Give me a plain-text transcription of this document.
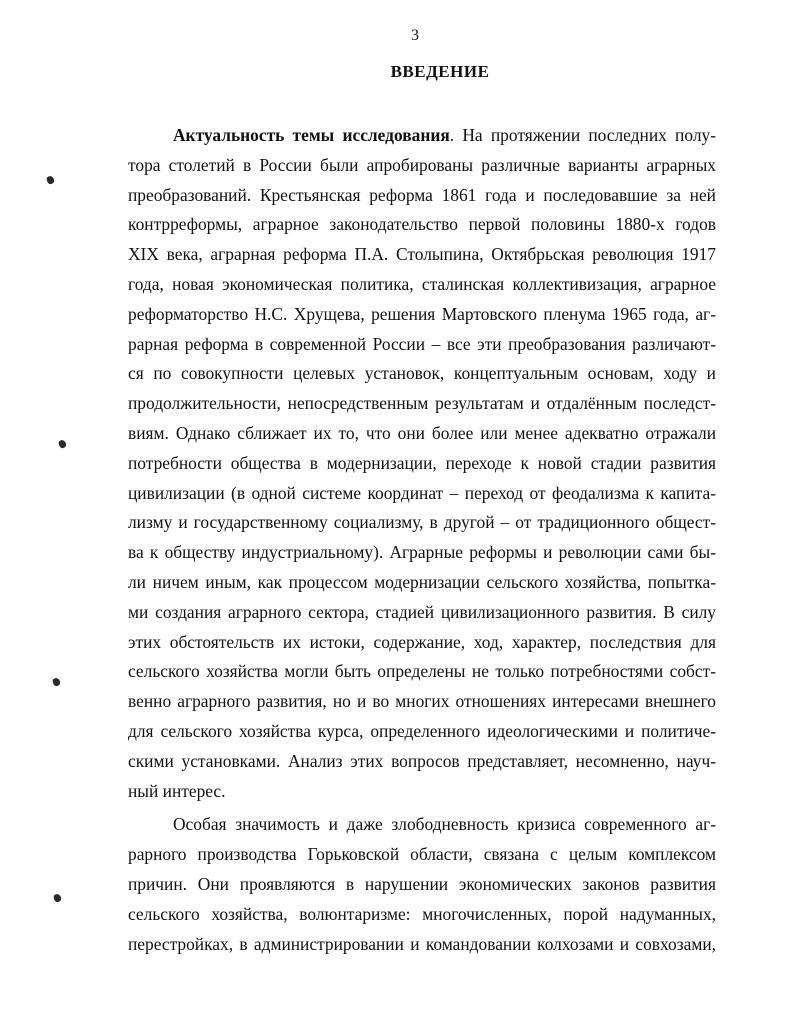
3
ВВЕДЕНИЕ
Актуальность темы исследования. На протяжении последних полу-
тора столетий в России были апробированы различные варианты аграрных
преобразований. Крестьянская реформа 1861 года и последовавшие за ней
контрреформы, аграрное законодательство первой половины 1880-х годов
XIX века, аграрная реформа П.А. Столыпина, Октябрьская революция 1917
года, новая экономическая политика, сталинская коллективизация, аграрное
реформаторство Н.С. Хрущева, решения Мартовского пленума 1965 года, аг-
рарная реформа в современной России – все эти преобразования различают-
ся по совокупности целевых установок, концептуальным основам, ходу и
продолжительности, непосредственным результатам и отдалённым последст-
виям. Однако сближает их то, что они более или менее адекватно отражали
потребности общества в модернизации, переходе к новой стадии развития
цивилизации (в одной системе координат – переход от феодализма к капита-
лизму и государственному социализму, в другой – от традиционного общест-
ва к обществу индустриальному). Аграрные реформы и революции сами бы-
ли ничем иным, как процессом модернизации сельского хозяйства, попытка-
ми создания аграрного сектора, стадией цивилизационного развития. В силу
этих обстоятельств их истоки, содержание, ход, характер, последствия для
сельского хозяйства могли быть определены не только потребностями собст-
венно аграрного развития, но и во многих отношениях интересами внешнего
для сельского хозяйства курса, определенного идеологическими и политиче-
скими установками. Анализ этих вопросов представляет, несомненно, науч-
ный интерес.
Особая значимость и даже злободневность кризиса современного аг-
рарного производства Горьковской области, связана с целым комплексом
причин. Они проявляются в нарушении экономических законов развития
сельского хозяйства, волюнтаризме: многочисленных, порой надуманных,
перестройках, в администрировании и командовании колхозами и совхозами,
